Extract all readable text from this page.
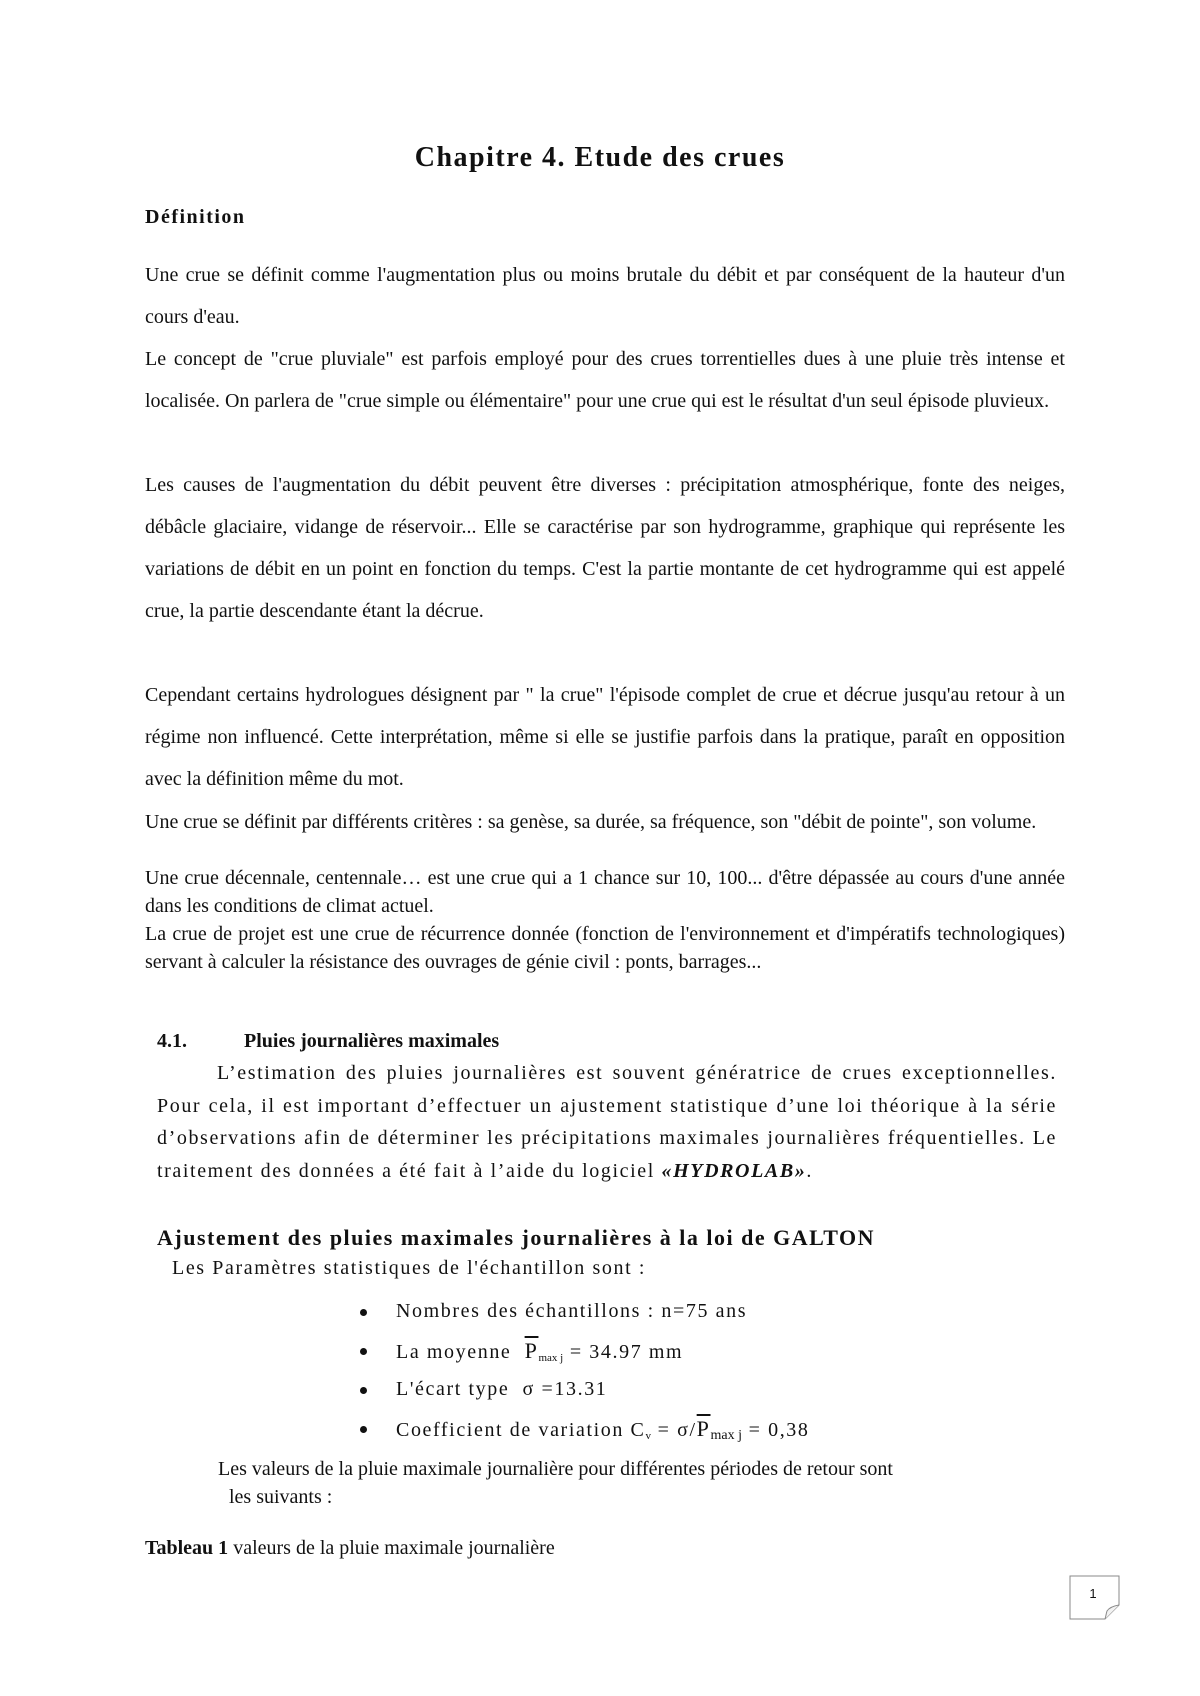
Chapitre 4. Etude des crues
Définition
Une crue se définit comme l'augmentation plus ou moins brutale du débit et par conséquent de la hauteur d'un cours d'eau.
Le concept de "crue pluviale" est parfois employé pour des crues torrentielles dues à une pluie très intense et localisée. On parlera de "crue simple ou élémentaire" pour une crue qui est le résultat d'un seul épisode pluvieux.
Les causes de l'augmentation du débit peuvent être diverses : précipitation atmosphérique, fonte des neiges, débâcle glaciaire, vidange de réservoir... Elle se caractérise par son hydrogramme, graphique qui représente les variations de débit en un point en fonction du temps. C'est la partie montante de cet hydrogramme qui est appelé crue, la partie descendante étant la décrue.
Cependant certains hydrologues désignent par " la crue" l'épisode complet de crue et décrue jusqu'au retour à un régime non influencé. Cette interprétation, même si elle se justifie parfois dans la pratique, paraît en opposition avec la définition même du mot.
Une crue se définit par différents critères : sa genèse, sa durée, sa fréquence, son "débit de pointe", son volume.
Une crue décennale, centennale… est une crue qui a 1 chance sur 10, 100... d'être dépassée au cours d'une année dans les conditions de climat actuel.
La crue de projet est une crue de récurrence donnée (fonction de l'environnement et d'impératifs technologiques) servant à calculer la résistance des ouvrages de génie civil : ponts, barrages...
4.1.	Pluies journalières maximales
L’estimation des pluies journalières est souvent génératrice de crues exceptionnelles. Pour cela, il est important d’effectuer un ajustement statistique d’une loi théorique à la série d’observations afin de déterminer les précipitations maximales journalières fréquentielles. Le traitement des données a été fait à l’aide du logiciel «HYDROLAB».
Ajustement des pluies maximales journalières à la loi de GALTON
Les Paramètres statistiques de l'échantillon sont :
Nombres des échantillons : n=75 ans
La moyenne $\overline{P}\max$ j = 34.97 mm
L'écart type σ =13.31
Coefficient de variation $Cv = \sigma/\overline{P}\max$ j = 0,38
Les valeurs de la pluie maximale journalière pour différentes périodes de retour sont
les suivants :
Tableau 1 valeurs de la pluie maximale journalière
1
